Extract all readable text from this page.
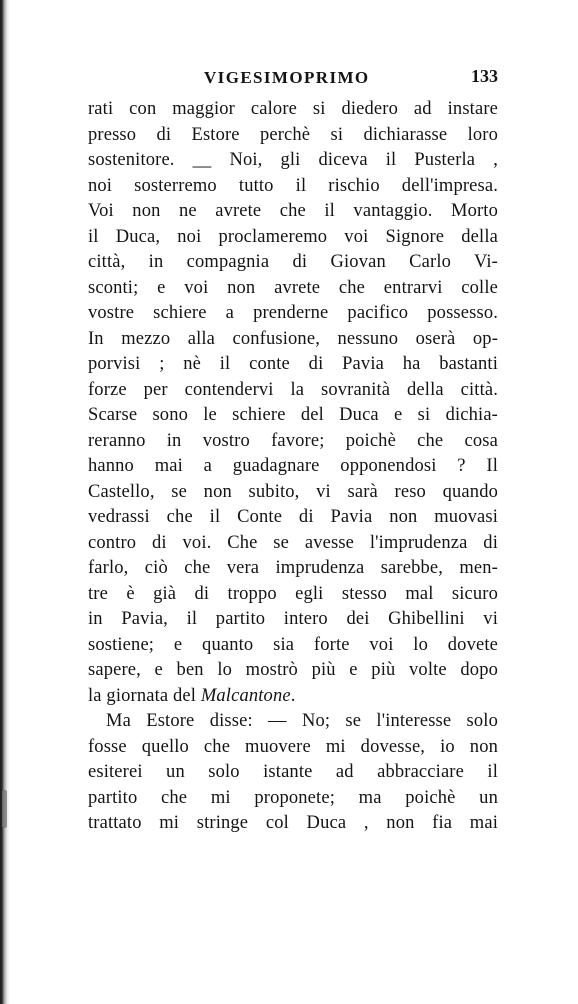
VIGESIMOPRIMO	133
rati con maggior calore si diedero ad instare
presso di Estore perchè si dichiarasse loro
sostenitore. __ Noi, gli diceva il Pusterla ,
noi sosterremo tutto il rischio dell'impresa.
Voi non ne avrete che il vantaggio. Morto
il Duca, noi proclameremo voi Signore della
città, in compagnia di Giovan Carlo Vi-
sconti; e voi non avrete che entrarvi colle
vostre schiere a prenderne pacifico possesso.
In mezzo alla confusione, nessuno oserà op-
porvisi ; nè il conte di Pavia ha bastanti
forze per contendervi la sovranità della città.
Scarse sono le schiere del Duca e si dichia-
reranno in vostro favore; poichè che cosa
hanno mai a guadagnare opponendosi ? Il
Castello, se non subito, vi sarà reso quando
vedrassi che il Conte di Pavia non muovasi
contro di voi. Che se avesse l'imprudenza di
farlo, ciò che vera imprudenza sarebbe, men-
tre è già di troppo egli stesso mal sicuro
in Pavia, il partito intero dei Ghibellini vi
sostiene; e quanto sia forte voi lo dovete
sapere, e ben lo mostrò più e più volte dopo
la giornata del Malcantone.
Ma Estore disse: — No; se l'interesse solo
fosse quello che muovere mi dovesse, io non
esiterei un solo istante ad abbracciare il
partito che mi proponete; ma poichè un
trattato mi stringe col Duca , non fia mai
